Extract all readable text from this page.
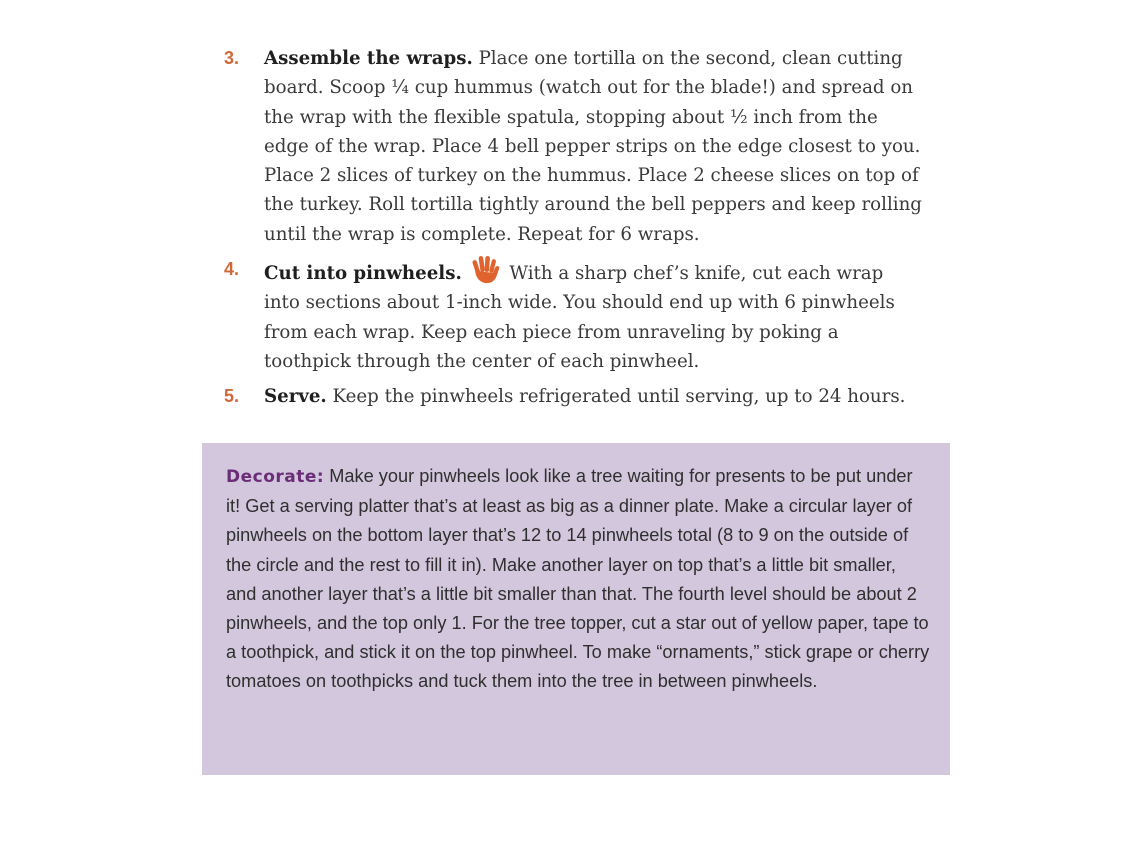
3. Assemble the wraps. Place one tortilla on the second, clean cutting board. Scoop ¼ cup hummus (watch out for the blade!) and spread on the wrap with the flexible spatula, stopping about ½ inch from the edge of the wrap. Place 4 bell pepper strips on the edge closest to you. Place 2 slices of turkey on the hummus. Place 2 cheese slices on top of the turkey. Roll tortilla tightly around the bell peppers and keep rolling until the wrap is complete. Repeat for 6 wraps.
4. Cut into pinwheels.  With a sharp chef’s knife, cut each wrap into sections about 1-inch wide. You should end up with 6 pinwheels from each wrap. Keep each piece from unraveling by poking a toothpick through the center of each pinwheel.
5. Serve. Keep the pinwheels refrigerated until serving, up to 24 hours.
Decorate: Make your pinwheels look like a tree waiting for presents to be put under it! Get a serving platter that’s at least as big as a dinner plate. Make a circular layer of pinwheels on the bottom layer that’s 12 to 14 pinwheels total (8 to 9 on the outside of the circle and the rest to fill it in). Make another layer on top that’s a little bit smaller, and another layer that’s a little bit smaller than that. The fourth level should be about 2 pinwheels, and the top only 1. For the tree topper, cut a star out of yellow paper, tape to a toothpick, and stick it on the top pinwheel. To make “ornaments,” stick grape or cherry tomatoes on toothpicks and tuck them into the tree in between pinwheels.
